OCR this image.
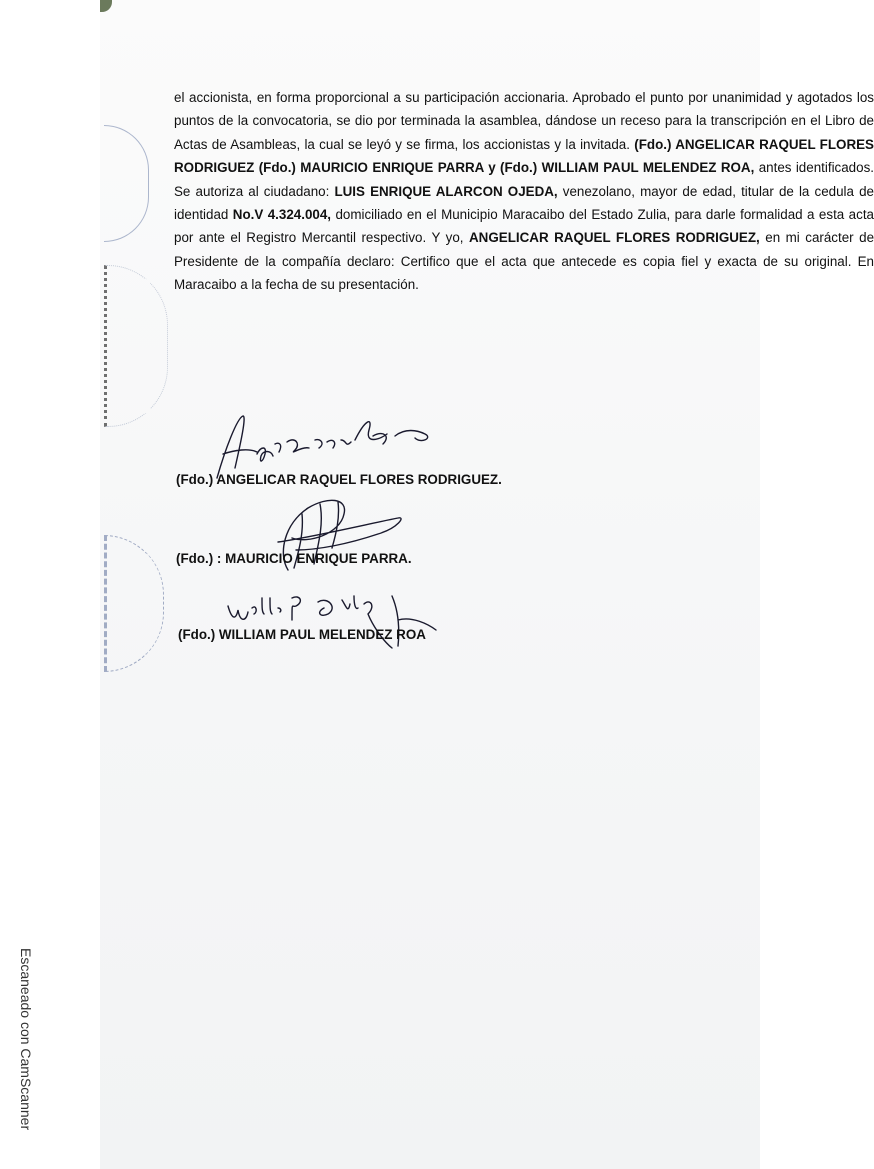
el accionista, en forma proporcional a su participación accionaria. Aprobado el punto por unanimidad y agotados los puntos de la convocatoria, se dio por terminada la asamblea, dándose un receso para la transcripción en el Libro de Actas de Asambleas, la cual se leyó y se firma, los accionistas y la invitada. (Fdo.) ANGELICAR RAQUEL FLORES RODRIGUEZ (Fdo.) MAURICIO ENRIQUE PARRA y (Fdo.) WILLIAM PAUL MELENDEZ ROA, antes identificados. Se autoriza al ciudadano: LUIS ENRIQUE ALARCON OJEDA, venezolano, mayor de edad, titular de la cedula de identidad No.V 4.324.004, domiciliado en el Municipio Maracaibo del Estado Zulia, para darle formalidad a esta acta por ante el Registro Mercantil respectivo. Y yo, ANGELICAR RAQUEL FLORES RODRIGUEZ, en mi carácter de Presidente de la compañía declaro: Certifico que el acta que antecede es copia fiel y exacta de su original. En Maracaibo a la fecha de su presentación.
(Fdo.) ANGELICAR RAQUEL FLORES RODRIGUEZ.
(Fdo.) : MAURICIO ENRIQUE PARRA.
(Fdo.) WILLIAM PAUL MELENDEZ ROA
Escaneado con CamScanner
